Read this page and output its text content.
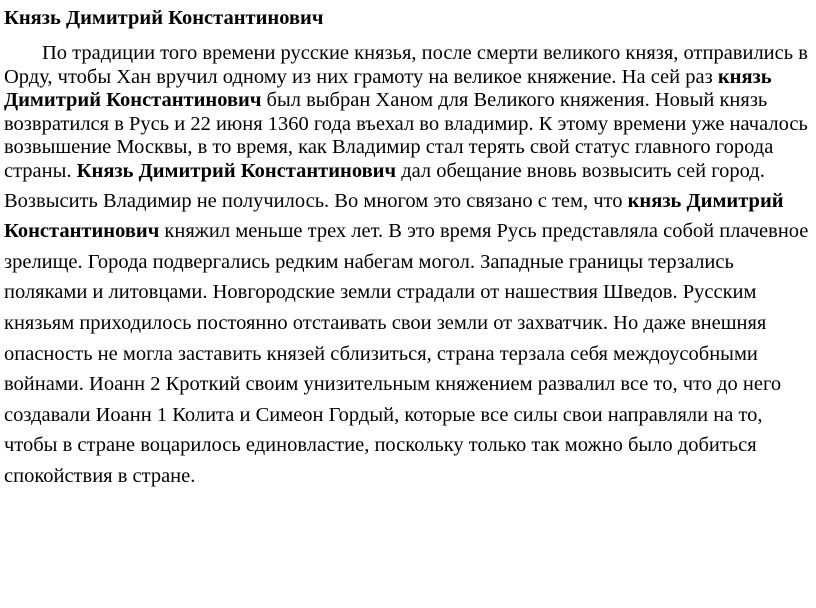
Князь Димитрий Константинович

По традиции того времени русские князья, после смерти великого князя, отправились в Орду, чтобы Хан вручил одному из них грамоту на великое княжение. На сей раз князь Димитрий Константинович был выбран Ханом для Великого княжения. Новый князь возвратился в Русь и 22 июня 1360 года въехал во владимир. К этому времени уже началось возвышение Москвы, в то время, как Владимир стал терять свой статус главного города страны. Князь Димитрий Константинович дал обещание вновь возвысить сей город.

Возвысить Владимир не получилось. Во многом это связано с тем, что князь Димитрий Константинович княжил меньше трех лет. В это время Русь представляла собой плачевное зрелище. Города подвергались редким набегам могол. Западные границы терзались поляками и литовцами. Новгородские земли страдали от нашествия Шведов. Русским князьям приходилось постоянно отстаивать свои земли от захватчик. Но даже внешняя опасность не могла заставить князей сблизиться, страна терзала себя междоусобными войнами. Иоанн 2 Кроткий своим унизительным княжением развалил все то, что до него создавали Иоанн 1 Колита и Симеон Гордый, которые все силы свои направляли на то, чтобы в стране воцарилось единовластие, поскольку только так можно было добиться спокойствия в стране.
